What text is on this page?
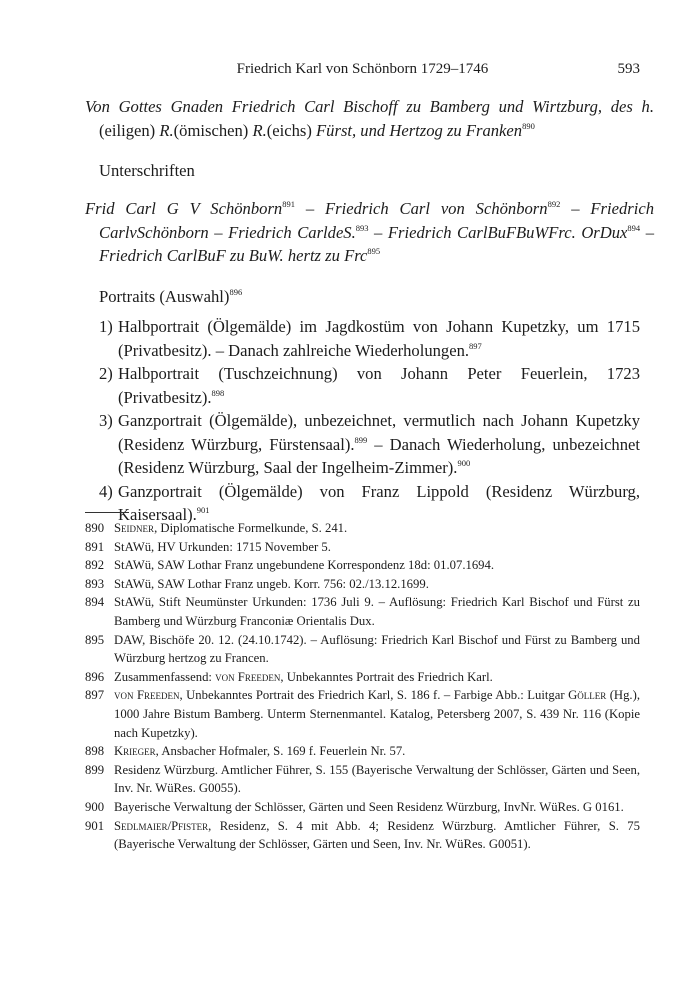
Friedrich Karl von Schönborn 1729–1746	593
Von Gottes Gnaden Friedrich Carl Bischoff zu Bamberg und Wirtzburg, des h.(eiligen) R.(ömischen) R.(eichs) Fürst, und Hertzog zu Franken$^{890}$
Unterschriften
Frid Carl G V Schönborn$^{891}$ – Friedrich Carl von Schönborn$^{892}$ – Friedrich CarlvSchönborn – Friedrich CarldeS.$^{893}$ – Friedrich CarlBuFBuWFrc. OrDux$^{894}$ – Friedrich CarlBuF zu BuW. hertz zu Frc$^{895}$
Portraits (Auswahl)$^{896}$
1) Halbportrait (Ölgemälde) im Jagdkostüm von Johann Kupetzky, um 1715 (Privatbesitz). – Danach zahlreiche Wiederholungen.$^{897}$
2) Halbportrait (Tuschzeichnung) von Johann Peter Feuerlein, 1723 (Privatbesitz).$^{898}$
3) Ganzportrait (Ölgemälde), unbezeichnet, vermutlich nach Johann Kupetzky (Residenz Würzburg, Fürstensaal).$^{899}$ – Danach Wiederholung, unbezeichnet (Residenz Würzburg, Saal der Ingelheim-Zimmer).$^{900}$
4) Ganzportrait (Ölgemälde) von Franz Lippold (Residenz Würzburg, Kaisersaal).$^{901}$
890 Seidner, Diplomatische Formelkunde, S. 241.
891 StAWü, HV Urkunden: 1715 November 5.
892 StAWü, SAW Lothar Franz ungebundene Korrespondenz 18d: 01.07.1694.
893 StAWü, SAW Lothar Franz ungeb. Korr. 756: 02./13.12.1699.
894 StAWü, Stift Neumünster Urkunden: 1736 Juli 9. – Auflösung: Friedrich Karl Bischof und Fürst zu Bamberg und Würzburg Franconiæ Orientalis Dux.
895 DAW, Bischöfe 20. 12. (24.10.1742). – Auflösung: Friedrich Karl Bischof und Fürst zu Bamberg und Würzburg hertzog zu Francen.
896 Zusammenfassend: von Freeden, Unbekanntes Portrait des Friedrich Karl.
897 von Freeden, Unbekanntes Portrait des Friedrich Karl, S. 186 f. – Farbige Abb.: Luitgar Göller (Hg.), 1000 Jahre Bistum Bamberg. Unterm Sternenmantel. Katalog, Petersberg 2007, S. 439 Nr. 116 (Kopie nach Kupetzky).
898 Krieger, Ansbacher Hofmaler, S. 169 f. Feuerlein Nr. 57.
899 Residenz Würzburg. Amtlicher Führer, S. 155 (Bayerische Verwaltung der Schlösser, Gärten und Seen, Inv. Nr. WüRes. G0055).
900 Bayerische Verwaltung der Schlösser, Gärten und Seen Residenz Würzburg, InvNr. WüRes. G 0161.
901 Sedlmaier/Pfister, Residenz, S. 4 mit Abb. 4; Residenz Würzburg. Amtlicher Führer, S. 75 (Bayerische Verwaltung der Schlösser, Gärten und Seen, Inv. Nr. WüRes. G0051).
